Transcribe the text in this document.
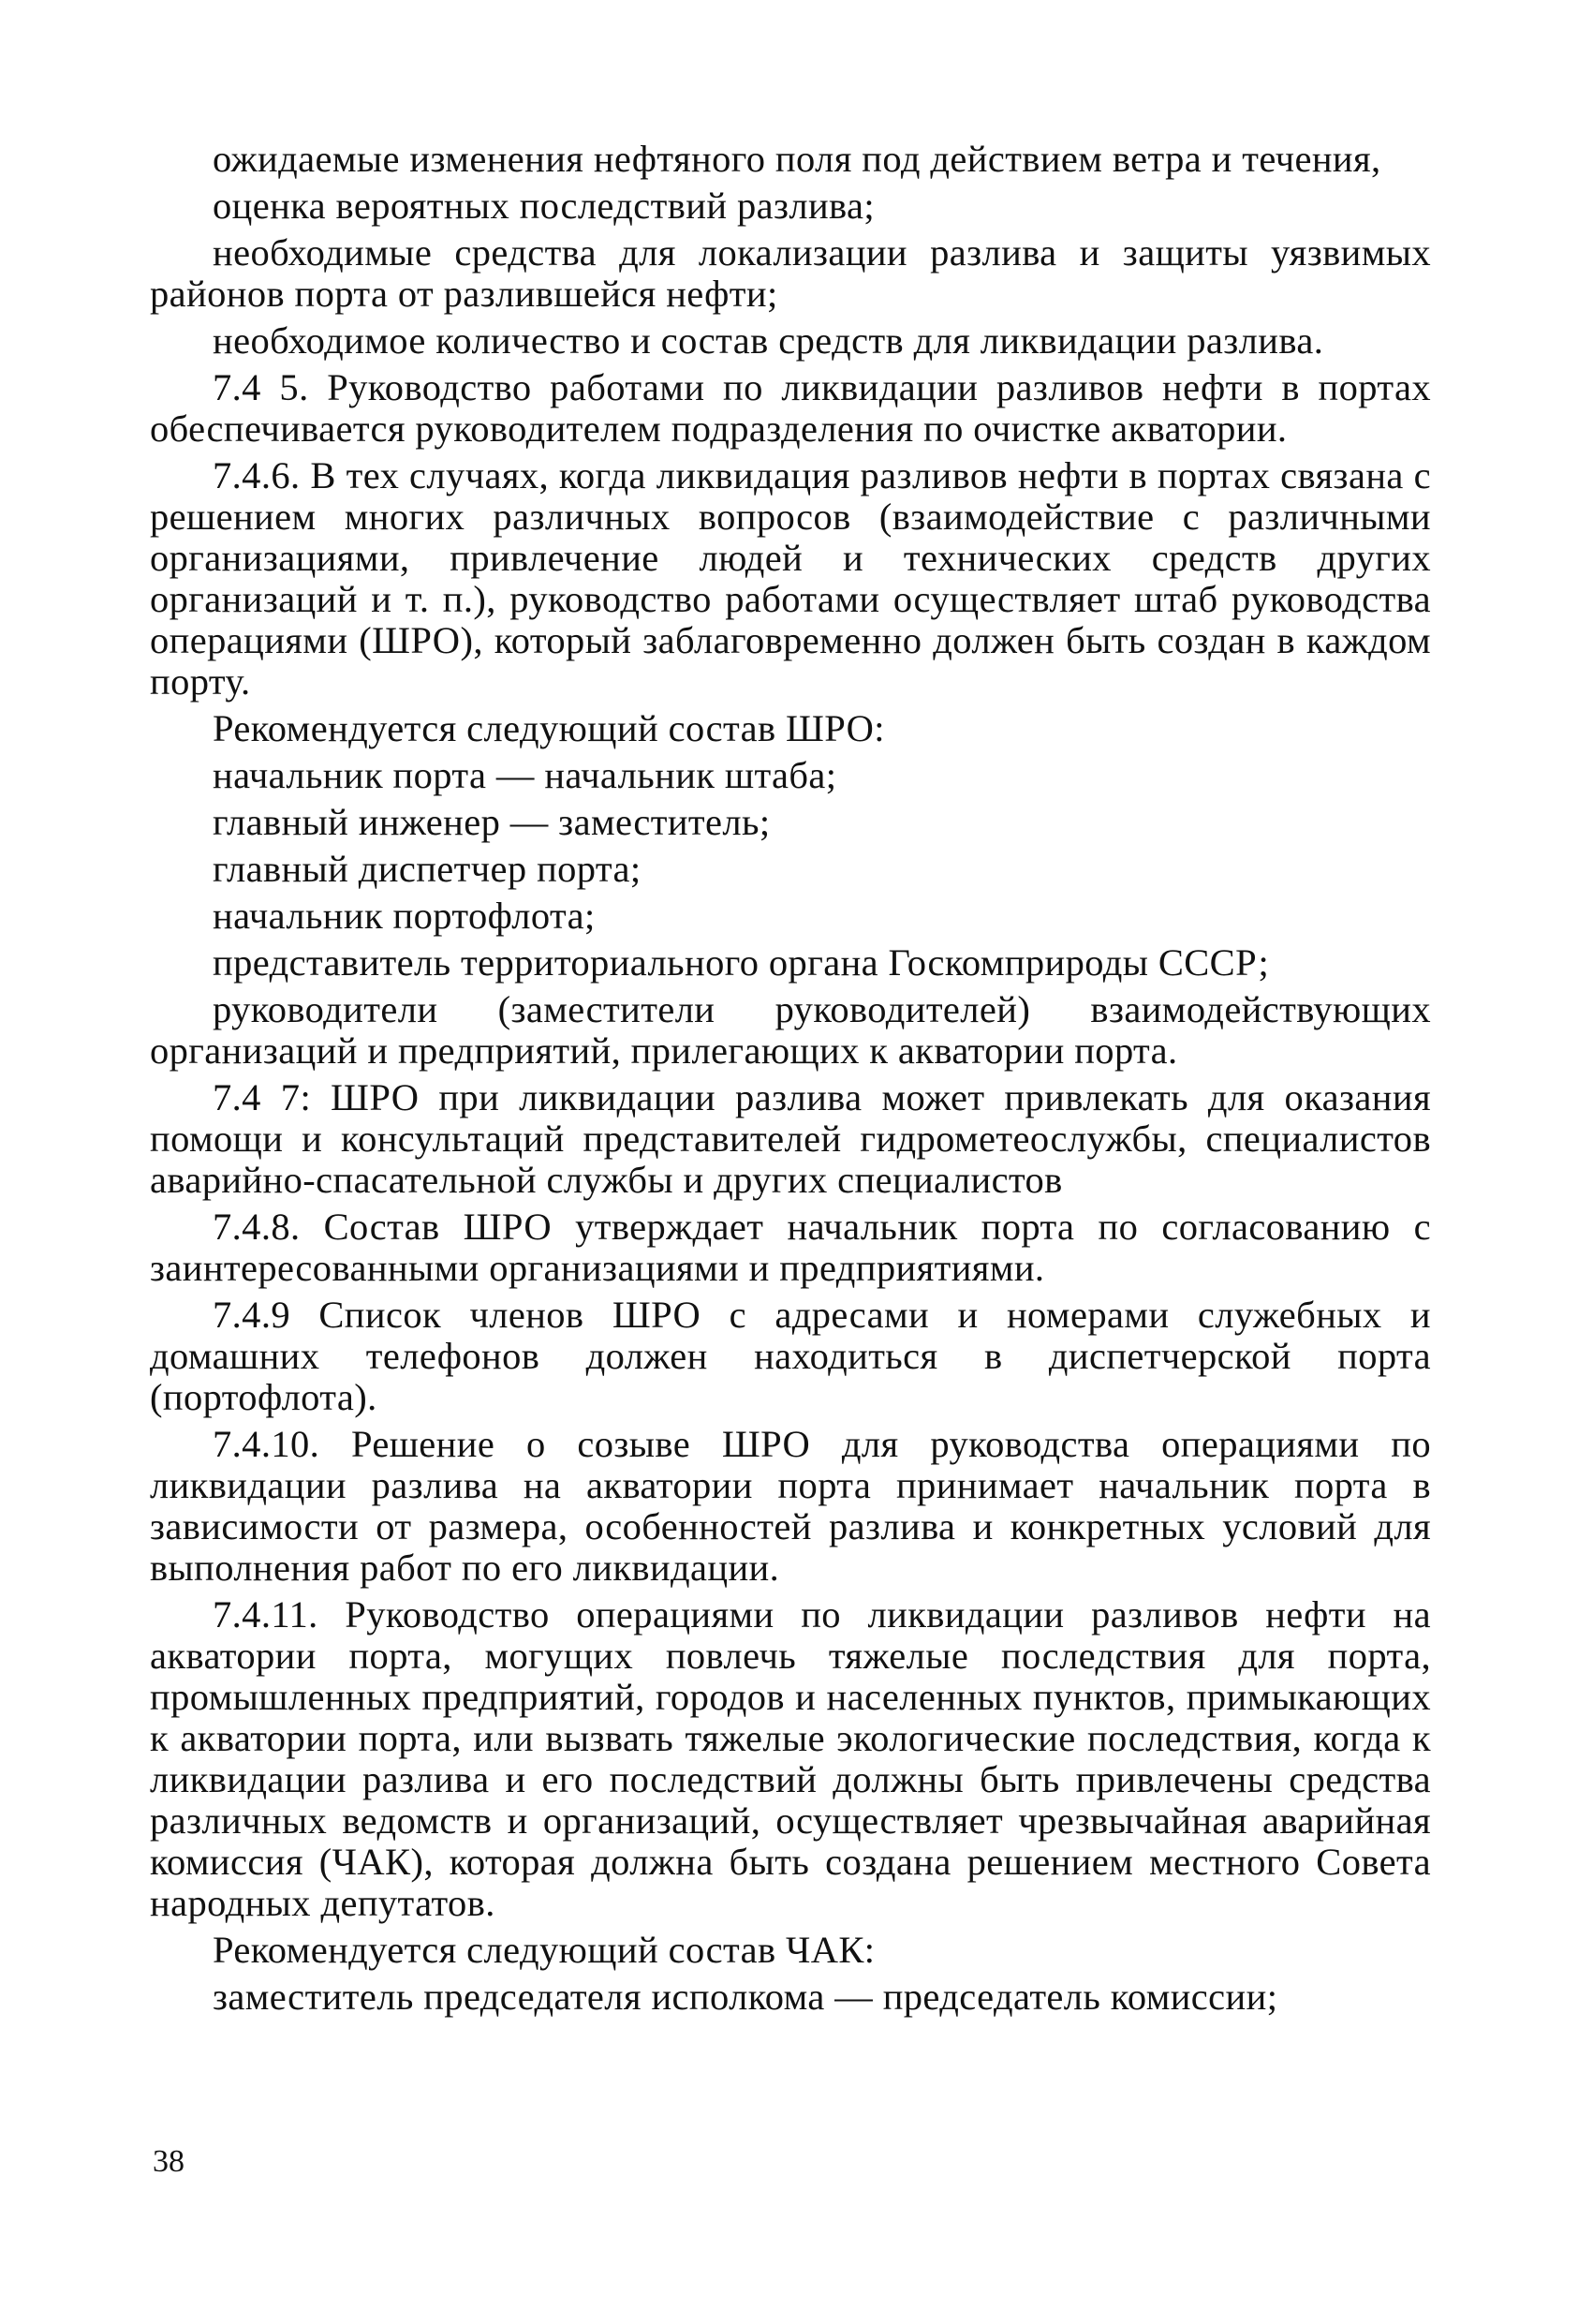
ожидаемые изменения нефтяного поля под действием ветра и течения,

оценка вероятных последствий разлива;

необходимые средства для локализации разлива и защиты уязвимых районов порта от разлившейся нефти;

необходимое количество и состав средств для ликвидации разлива.

7.4 5. Руководство работами по ликвидации разливов нефти в портах обеспечивается руководителем подразделения по очистке акватории.

7.4.6. В тех случаях, когда ликвидация разливов нефти в портах связана с решением многих различных вопросов (взаимодействие с различными организациями, привлечение людей и технических средств других организаций и т. п.), руководство работами осуществляет штаб руководства операциями (ШРО), который заблаговременно должен быть создан в каждом порту.

Рекомендуется следующий состав ШРО:

начальник порта — начальник штаба;

главный инженер — заместитель;

главный диспетчер порта;

начальник портофлота;

представитель территориального органа Госкомприроды СССР;

руководители (заместители руководителей) взаимодействующих организаций и предприятий, прилегающих к акватории порта.

7.4 7: ШРО при ликвидации разлива может привлекать для оказания помощи и консультаций представителей гидрометеослужбы, специалистов аварийно-спасательной службы и других специалистов

7.4.8. Состав ШРО утверждает начальник порта по согласованию с заинтересованными организациями и предприятиями.

7.4.9 Список членов ШРО с адресами и номерами служебных и домашних телефонов должен находиться в диспетчерской порта (портофлота).

7.4.10. Решение о созыве ШРО для руководства операциями по ликвидации разлива на акватории порта принимает начальник порта в зависимости от размера, особенностей разлива и конкретных условий для выполнения работ по его ликвидации.

7.4.11. Руководство операциями по ликвидации разливов нефти на акватории порта, могущих повлечь тяжелые последствия для порта, промышленных предприятий, городов и населенных пунктов, примыкающих к акватории порта, или вызвать тяжелые экологические последствия, когда к ликвидации разлива и его последствий должны быть привлечены средства различных ведомств и организаций, осуществляет чрезвычайная аварийная комиссия (ЧАК), которая должна быть создана решением местного Совета народных депутатов.

Рекомендуется следующий состав ЧАК:

заместитель председателя исполкома — председатель комиссии;

38
